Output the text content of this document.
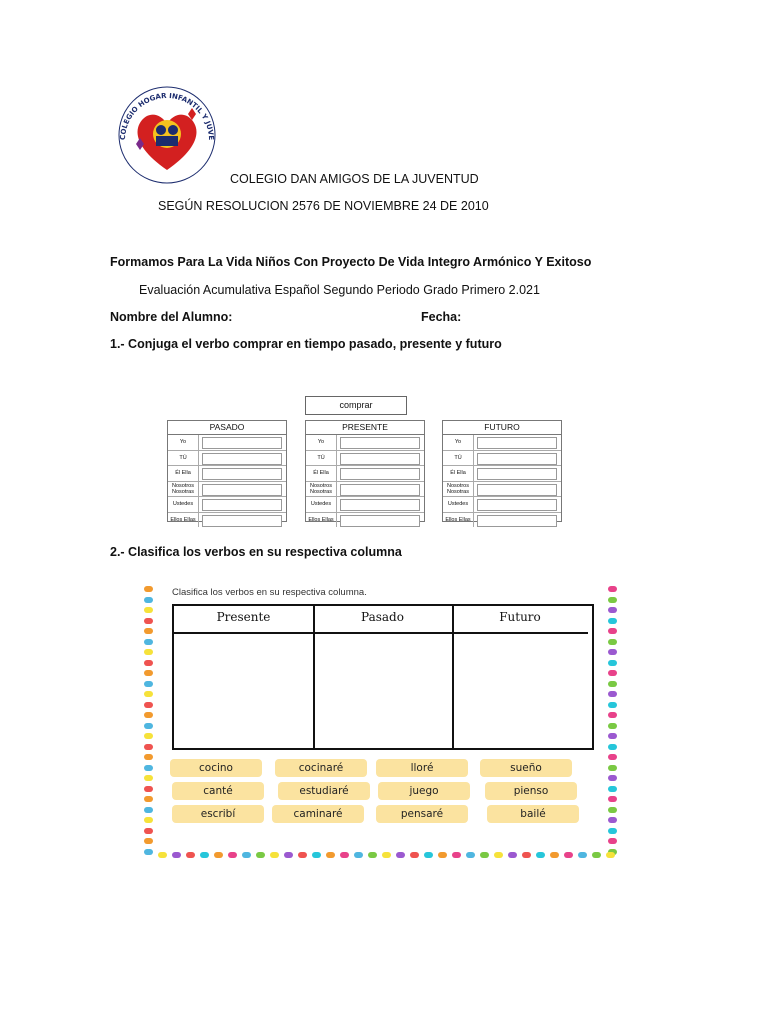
COLEGIO HOGAR INFANTIL Y JUVE
COLEGIO DAN AMIGOS DE LA JUVENTUD
SEGÚN RESOLUCION 2576 DE NOVIEMBRE 24 DE 2010
Formamos Para La Vida Niños Con Proyecto De Vida Integro Armónico Y Exitoso
Evaluación Acumulativa Español Segundo Periodo Grado Primero 2.021
Nombre del Alumno:	Fecha:
1.- Conjuga el verbo comprar en tiempo pasado, presente y futuro
comprar
PASADO
Yo
TÚ
Él Ella
Nosotros Nosotras
Ustedes
Ellos Ellas
PRESENTE
Yo
TÚ
Él Ella
Nosotros Nosotras
Ustedes
Ellos Ellas
FUTURO
Yo
TÚ
Él Ella
Nosotros Nosotras
Ustedes
Ellos Ellas
2.- Clasifica los verbos en su respectiva columna
Clasifica los verbos en su respectiva columna.
Presente	Pasado	Futuro
cocino	cocinaré	lloré	sueño
canté	estudiaré	juego	pienso
escribí	caminaré	pensaré	bailé
